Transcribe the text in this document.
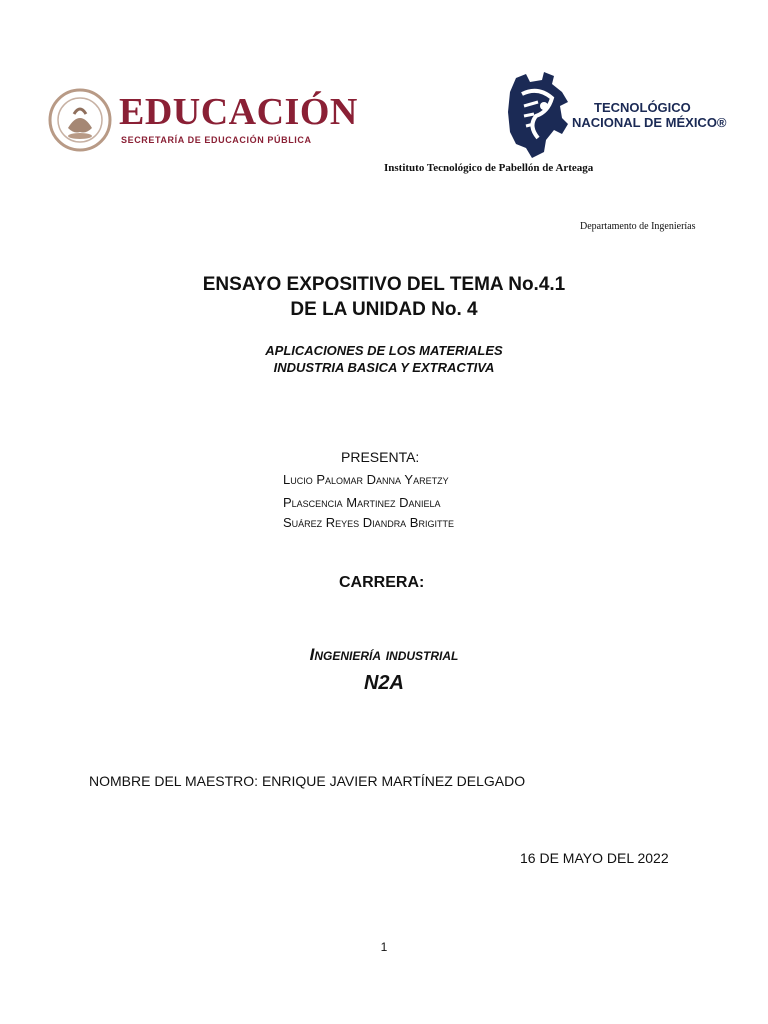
EDUCACIÓN
SECRETARÍA DE EDUCACIÓN PÚBLICA
TECNOLÓGICO
NACIONAL DE MÉXICO®
Instituto Tecnológico de Pabellón de Arteaga
Departamento de Ingenierías
ENSAYO EXPOSITIVO DEL TEMA No.4.1
DE LA UNIDAD No. 4
APLICACIONES DE LOS MATERIALES
INDUSTRIA BASICA Y EXTRACTIVA
PRESENTA:
Lucio Palomar Danna Yaretzy
Plascencia Martinez Daniela
Suárez Reyes Diandra Brigitte
CARRERA:
Ingeniería industrial
N2A
NOMBRE DEL MAESTRO: ENRIQUE JAVIER MARTÍNEZ DELGADO
16 DE MAYO DEL 2022
1
